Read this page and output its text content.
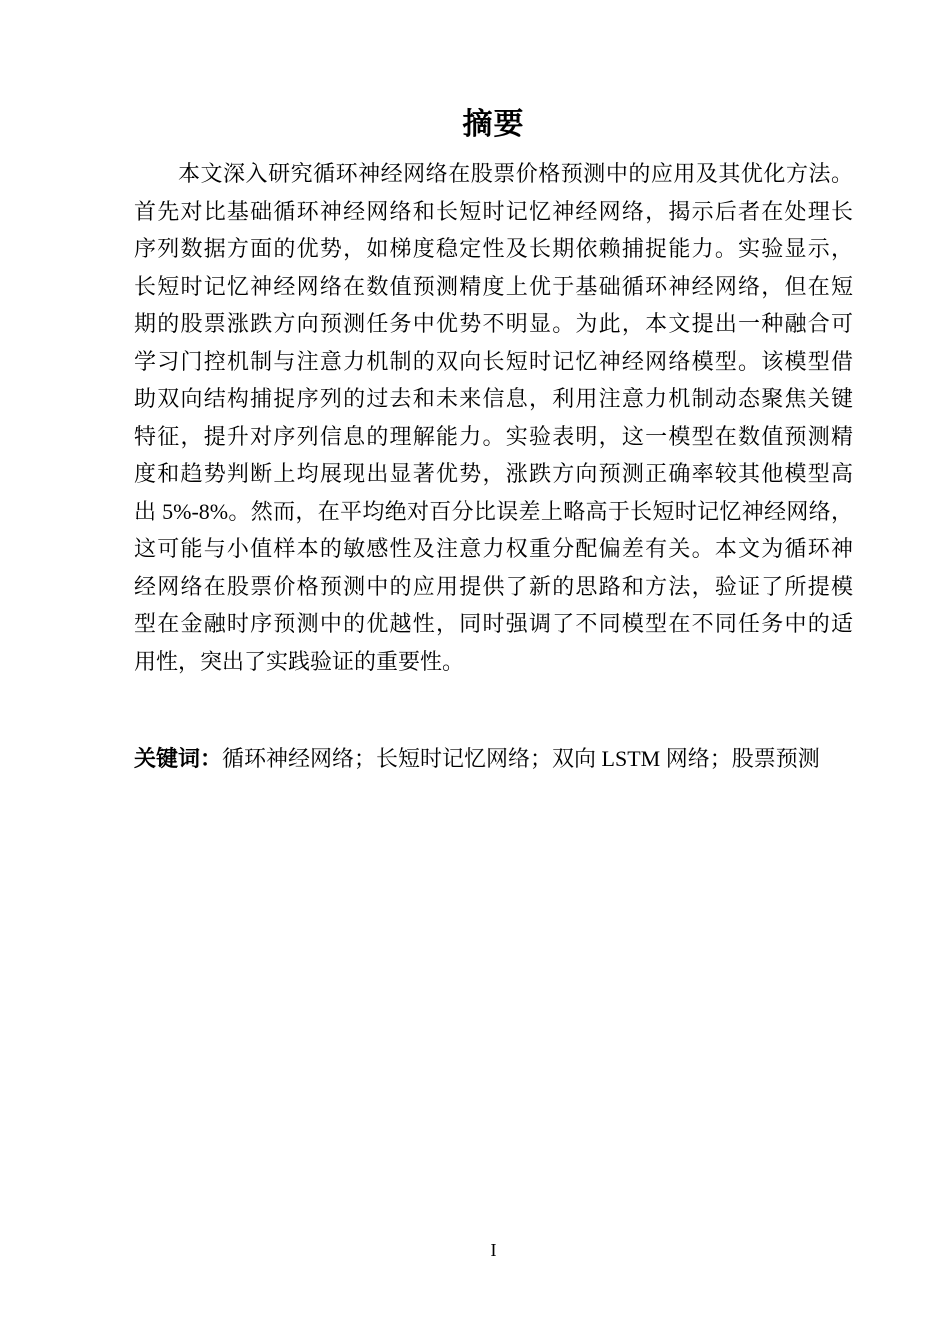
摘要
本文深入研究循环神经网络在股票价格预测中的应用及其优化方法。
首先对比基础循环神经网络和长短时记忆神经网络，揭示后者在处理长
序列数据方面的优势，如梯度稳定性及长期依赖捕捉能力。实验显示，
长短时记忆神经网络在数值预测精度上优于基础循环神经网络，但在短
期的股票涨跌方向预测任务中优势不明显。为此，本文提出一种融合可
学习门控机制与注意力机制的双向长短时记忆神经网络模型。该模型借
助双向结构捕捉序列的过去和未来信息，利用注意力机制动态聚焦关键
特征，提升对序列信息的理解能力。实验表明，这一模型在数值预测精
度和趋势判断上均展现出显著优势，涨跌方向预测正确率较其他模型高
出 5%-8%。然而，在平均绝对百分比误差上略高于长短时记忆神经网络，
这可能与小值样本的敏感性及注意力权重分配偏差有关。本文为循环神
经网络在股票价格预测中的应用提供了新的思路和方法，验证了所提模
型在金融时序预测中的优越性，同时强调了不同模型在不同任务中的适
用性，突出了实践验证的重要性。
关键词：循环神经网络；长短时记忆网络；双向 LSTM 网络；股票预测
I
